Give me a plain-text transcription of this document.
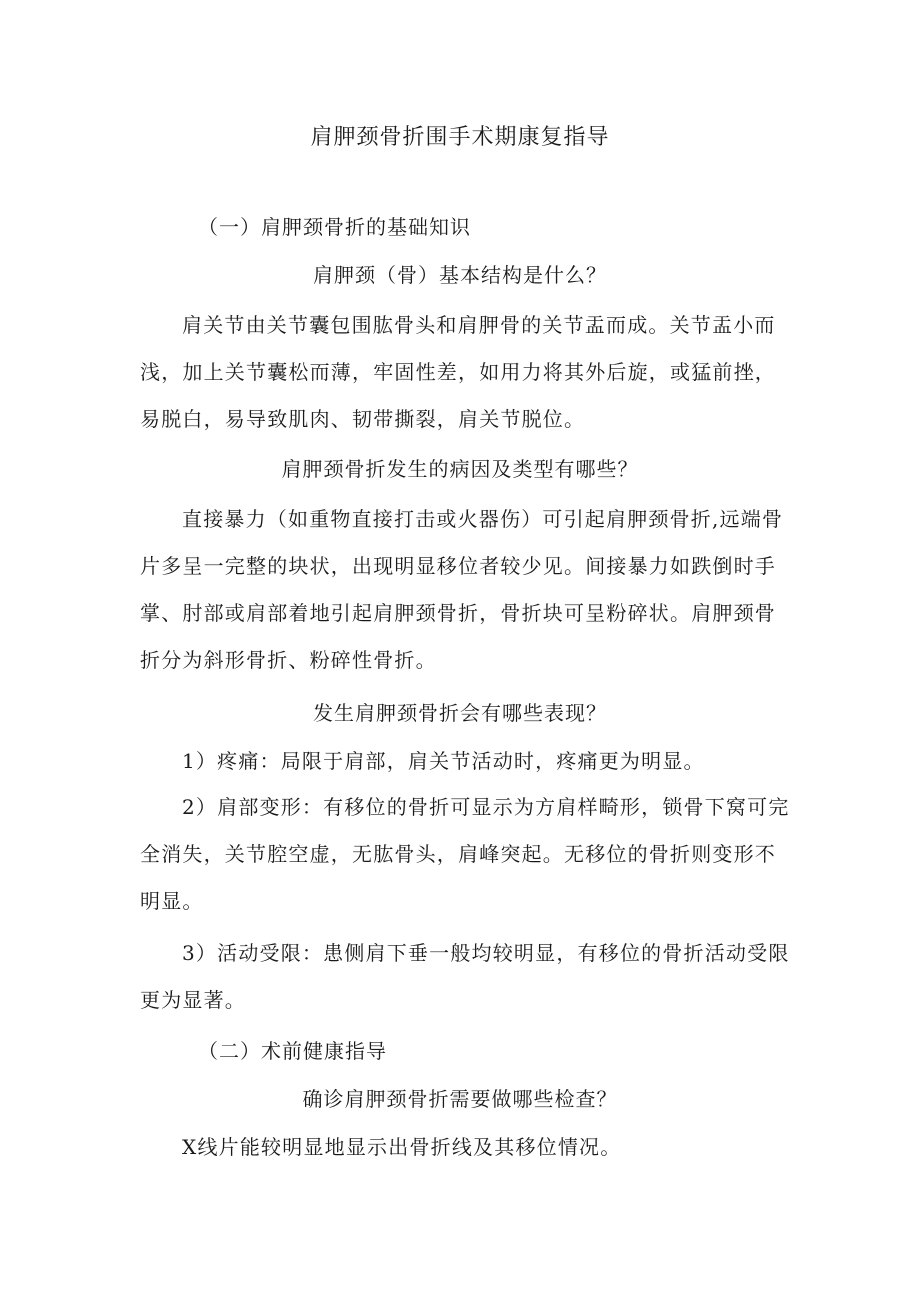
肩胛颈骨折围手术期康复指导
（一）肩胛颈骨折的基础知识
肩胛颈（骨）基本结构是什么？

肩关节由关节囊包围肱骨头和肩胛骨的关节盂而成。关节盂小而浅，加上关节囊松而薄，牢固性差，如用力将其外后旋，或猛前挫，易脱白，易导致肌肉、韧带撕裂，肩关节脱位。

肩胛颈骨折发生的病因及类型有哪些？

直接暴力（如重物直接打击或火器伤）可引起肩胛颈骨折,远端骨片多呈一完整的块状，出现明显移位者较少见。间接暴力如跌倒时手掌、肘部或肩部着地引起肩胛颈骨折，骨折块可呈粉碎状。肩胛颈骨折分为斜形骨折、粉碎性骨折。

发生肩胛颈骨折会有哪些表现？
1）疼痛：局限于肩部，肩关节活动时，疼痛更为明显。

2）肩部变形：有移位的骨折可显示为方肩样畸形，锁骨下窝可完全消失，关节腔空虚，无肱骨头，肩峰突起。无移位的骨折则变形不明显。

3）活动受限：患侧肩下垂一般均较明显，有移位的骨折活动受限更为显著。

（二）术前健康指导
确诊肩胛颈骨折需要做哪些检查？
X线片能较明显地显示出骨折线及其移位情况。
